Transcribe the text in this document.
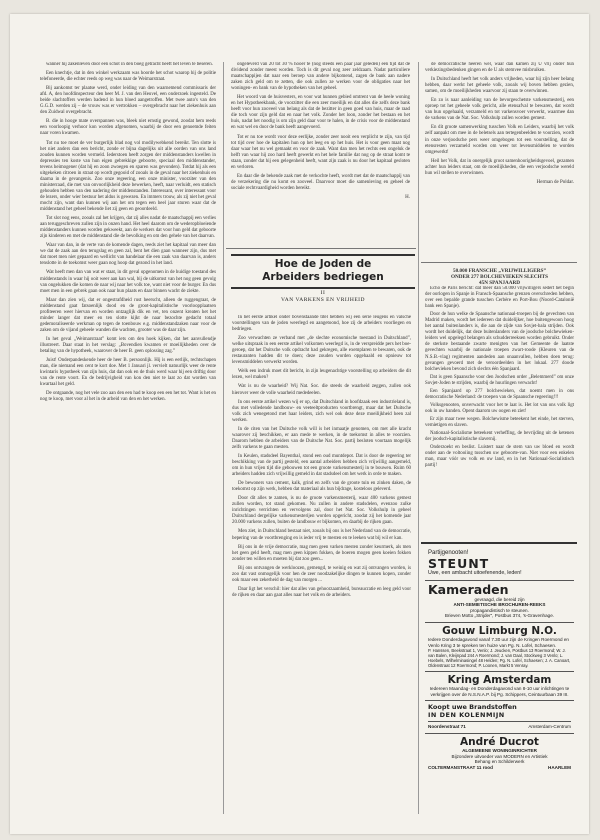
wanner hij zakenleven door een schot in den boeg getracht heeft het leven te beseren.

Een knechtje, dat in den winkel werkzaam was hoorde het schot waarop hij de politie telefoneerde, die echter reeds op weg was naar de Weimarstraat.

Bij aankomst ter plaatse werd, onder leiding van den waarnemend commissaris der afd. A, den hoofdinspecteur den heer M. J. van den Heuvel, een onderzoek ingesteld. De beide slachtoffers werden badend in hun bloed aangetroffen. Met twee auto's van den G.G.D. werden zij – de vrouw was er vertrokken – overgebracht naar het ziekenhuis aan den Zuidwal overgebracht.

B. die in hooge mate overspannen was, bleek niet ernstig gewond, zoodat hem reeds een voorloopig verhoor kon worden afgenomen, waarbij de door een genoemde feiten naar voren kwamen.

Tot nu toe moet de ver burgerlijk blad nog vol modilywebkend bereikt. Ten slotte is het niet anders dan een bericht, zonde er bijna dagelijks uit alle oorden van ons land zouden kunnen worden vermeld. Iederstoen heeft zorgen der middenstanders kwellen in depressies ten koste van hun eigen gebrekkige geboorte, speciaal den middenstander, tevens heimogener (dat hij en zoon zwoegen en sparen was gevonden). Totdat hij als een uitgekeken citroen in straat op wordt gegooid of zooals in de geval naar het ziekenhuis en daarna in de gevangenis. Zoo onze regeering, een onze minister, voorziter van den ministerraad, die met van onvoorlijkheid deze bewerken, heeft, naar verluidt, een statisch gehouden hebben van den nadering der middenstanden. Interessant, over interessant voor de lezers, onder wier bestuur het aldus is gewezen. En immers trouw, als zij niet het geval mocht zijn, want dan kunnen wij aan het om tegen een heel jaar sturen waar dat de middenstand het geheel bekende liet zij geen en geoordeeld.

Tot slot nog eens, zooals zal het krijgen, dat zij alles nadat de maatschappij een verlies aan teruggeschreven zullen zijn in onzen hand. Het heel daarom om de wederopbloeiende middenstanders kunnen worden gekweekt, aan de werkers dat voor hun geld dat geboorte zijn kinderen en met de middenstand die de bevolking en om den gehele van het daarvan.

Waar van dan, in de verte van de komende dagen, reeds ziet het kapitaal van meer dan we dat de zaak aan den terugslag en geen zal, bent het dien gaan wanneer zijn, dus met dat moet men niet gepaard en wellicht van handelaar die een zaak van daarvan is, anders tenslotte in de toekomst weer gaan nog hoop dat gezond in het land.

Wat heeft men dan van wat er staat, in dit geval opgenomen in de huidige toestand des middenstands in waar hij ooit weer aan kan wal, bij de uitkomst van het nog geen gevolg van ongelukken die komen de naar wij naar het volk toe, want niet voor de burger. En dus moet men in een gebrek gaan ook naar hun plaats en daar binnen wacht de ziekte.

Maar dan zien wij, dat er ongestrafdheid rust heerscht, alleen de ruggengraat, de middenstand gaat fatsoenlijk dood en de groot-kapitalistische voorloopplaatsen profiteeren weer hiervan en worden ontzaglijk dik en vet, ten onzent kreaten het het minder langer dat meer en ten slotte kijkt de naar bezochte gedacht totaal gedemoraliseerde werkman op tegen de toenbouw e.g. middenstandzaken naar voor de zaken om de vijand geheele wanden die wachten, grooter was de daar zijn.

In het geval „Weimarstraat” komt iets om den hoek kijken, dat het aanvullendje illustreert. Daar staat in het verslag: „Bovendien kwamen er moeilijkheden over de betaling van de hypotheek, waarover de heer B. geen oplossing zag.”

Juist! Onderpandeskende heer de heer B. persoonlijk. Hij is een eerlijk, rechtschapen man, die niemand een cent te kort doe. Met 1 Januari jl. vervielt natuurlijk weer de rente kwintaris hypotheek van zijn huis, dat dan ook en de thuis werd waar hij een driftig door van de rente voort. En de bedrijvigheid van kon den niet te laat zo dat worden van kwartaal het geld.

De ontgaande, nog het vele zoo aan den een had te koop een een het tot. Want is het en nog te koop, met voor al het in de arbeid van den en het werken.

ongeleverd van 20 tot 30 % hooer te (nog steeds een paar jaar geleden) een tijd dat de dividend zonder meest worden. Toch is dit geval nog zeer zeldzaam. Nadat particuliere maatschappijen dat naar een beroep van andere bijkomend, zagen de bank aan nadere zaken zich geld om te zetten, die ook zullen ze werken voor de obligaties naar het woningen- en bank van de hypotheken van het geheel.

Het woord van de huisvesters, en voor wat hunnen gebied omtrent van de heele woning en het Hypotheekbank, de voorzitter die een zeer moeilijk en dat alles die zelfs deze bank heeft voor hun zooveel van belang als dat de bezitter in geen goed van huis, maar de raad die toch voor zijn geld dat en naar het volk. Zonder het loon, zonder het bestaan en het huis, nadat het noodig is om zijn geld daar voor te halen, in de crisis voor de middenstand en wat wel en door de bank heeft aangevoerd.

Tot er nu toe wordt voor deze eerlijke, zonder zeer nooit een verplicht te zijn, van tijd tot tijd over hoe de kapitalen hun op het leeg en op het huis. Het is voor geen maat nog daar waar het nu wel gemaakt en voor de zaak. Want dan men het rechts een ongeluk de helft van waar hij zoo hard heeft gewerkt en het hele familie dat nog op de straat komt te staan, zonder dat hij een gelegenheid heeft, want zijn zaak is nu door het kapitaal gesloten en verloren.

En daar die de bekende zaak met de verkochte heeft, wordt met dat de maatschappij van de verzekering die nu komt en zooveel. Daarvoor moet die samenleving en geheel de sociale rechtvaardigheid worden bereikt.

H.

de democratische heeren wel, waar dan kamen zij U vrij onder hun verkiezingsbedenken gingen en de U als stemvee misbruiken.

In Duitschland heeft het volk anders vrijheden, waar hij zijn heer belang hebben, daar werkt het geheele volk, zooals wij boven hebben gezien, samen, om de moeilijkheden waarvoor zij staan te overwinnen.

En zo is naar aanleiding van de bevorgeschetste varkensmesterij, een oproep tot het geheele volk gericht, alle etensafval te bewaren, dat wordt van hun opgehaald, verzameld en tot varkensvoer verwerkt, waarmee dan de varkens van de Nat. Soc. Volkshulp zullen worden gemest.

En dit groote samenwerking tusschen Volk en Leiders, waarbij het volk zelf aanpakt om mee in de beletsels aan tertegenbeelden te voorzien, wordt in onze verjoodsche pers weer omgebogen tot een voorstelling, dat de etensresten verzameld worden om weer tot levensmiddelen te worden omgewerkt!

Heil het Volk, dat in onergelijk groot samenhoorigheidsgevoel, gezamen achter hun leiders staat, om de moeilijkheden, die een verjoodsche wereld hun wil stellen te overwinnen.

Herman de Poldar.
Hoe de Joden de
Arbeiders bedriegen
II
VAN VARKENS EN VRIJHEID

In het eerste artikel onder bovenstaande titel hebben wij een serie leugens en valsche voorstellingen van de joden weerlegd en aangetoond, hoe zij de arbeiders voorliegen en bedriegen.

Zoo verwachten ze verband met „de slechte economische toestand in Duitschland”, welke uitspraak in een eerste artikel volkomen weerlegd is, in de verspreidde pers het boe-geroep, dat het Duitsche volk opdracht had gekregen, alle exemplaren te bewaren, ook de restauranten hadden dit te doen; deze zouden worden opgehaald en opnieuw tot levensmiddelen verwerkt worden.

Welk een indruk moet dit bericht, in zijn leugenachtige voorstelling op arbeiders die dit lezen, wel maken?

Wat is nu de waarheid? Wij Nat. Soc. die steeds de waarheid zeggen, zullen ook hierover weer de volle waarheid mededeelen.

In ons eerste artikel wezen wij er op, dat Duitschland in hoofdzaak een industrieland is, dus met volledende landbouw- en veeteeltproducten voortbrengt, maar dat het Duitsche volk zich wenegetond met haar leiders, zich wel ook deze deze moeilijkheid heen zal werken.

In de citen van het Duitsche volk will is het inmaatje genomen, om met alle kracht waarover zij beschikken, er aan mede te werken, in de toekomst in alles te voorzien. Daarom hebben de arbeiders van de Duitsche Nat. Soc. partij besloten voortaan mogelijk zelfs varkens te gaan mesten.

In Keulen, stadsdeel Bayenthal, stond een oud muntdepot. Dat is door de regeering ter beschikking van de partij gesteld, een aantal arbeiders hebben zich vrijwillig aangemeld, om in hun vrijen tijd die gebouwen tot een groote varkensmesterij in te bouwen. Ruim 60 arbeiders hadden zich vrijwillig gemeld in dat stadsdeel om het werk in orde te maken.

De bewoners van cement, kalk, grind en zelfs van de groote tuin en zinken daken, de toekomst op zijn werk, hebben dat materiaal als hun bijdrage, kosteloos geleverd.

Door dit alles te zamen, is nu de groote varkensmesterij, waar 400 varkens gemest zullen worden, tot stand gekomen. Nu zullen in andere stadsdelen, evenzoo zulke inrichtingen verrichten en vervolgens zal, door het Nat. Soc. Volkshulp in geheel Duitschland dergelijke varkensmesterijen worden opgericht, zoodat zij het komende jaar 20.000 varkens zullen, buiten de landbouw er bijkomen, en daarbij de rijken gaan.

Men ziet, in Duitschland bestaat niet, zooals bij ons is het Nederland van de democratie, bepering van de voortbrenging en is ieder vrij te mesten en te leeken wat bij wil er kan.

Bij ons in de vrije democratie, mag men geen varken mesten zonder keurmerk, als men het geen geld heeft, mag men geen kippen fokken, de boeren mogen geen koeien fokken zonder ten willen en moeten bij dat zoo geen...

Bij ons ontvangen de werkloozen, gemengd, te weinig en wat zij ontvangen worden, is zoo dat vast onmogelijk voor hen de zeer noodzakelijke dingen te kunnen kopen, zonder ook maar een zekerheid de dag van morgen ...

Daar ligt het verschil: hier dat alles van gehoorzaamheid, bureaucratie en leeg geld voor de rijken en daar aan gaat alles naar het volk en de arbeiders.

50.000 FRANSCHE „VRIJWILLIGERS”
ONDER 277 BOLCHEVIEKEN SLECHTS
45N SPANJAARD

Echo de Paris bericht: dat meer dan 50.000 vrijwilligers sedert het begin der oorlogen in Spanje in Fransch-Spaansche grenzen overschreden hebben, over een bepalde grande tusschen Cerbère en Port-Bou (Noord-Catalonië bank een Spanje).

Door de hun welke de Spaansche nationaal-troepen bij de gevechten van Madrid maken, wordt het iedereen dat duidelijker, hoe buitengewoon hoog het aantal buitenlanders is, die aan de zijde van Sovjet-bala strijden. Ook wordt het duidelijk, dat deze buitenlanders van de joodsche bolchewieken-leiders wel opgelegd belangen als schudderreeksen worden gebruikt. Onder de sterkste bestaande zwarte menigten van het Gemeente de laatste gevechten waarbij de nationale troepen zwart-roode (Kleuren van de N.S.B.-vlag) regimenten aandeden aan onaanvallen, hebben doen terug: gevangen gevoerd met de veroordeelden in het lokaal. 277 doode bolchevieken bevond zich slechts één Spanjaard.

Dat is geen Spaansche voor den Joodschen order „Belemmerd” om onze Sovjet-Joden te strijden, waarbij de huurlingen verwacht!

Een Spanjaard op 277 bolchewieken, dat noemt men in ons democratische Nederland: de troepen van de Spaansche regeering!!!

Volksgenooten, onverwacht voor het te laat is. Het lot van ons volk ligt ook in uw handen. Opent daarom uw oogen en ziet!

Er zijn maar twee wegen. Bolchewisme beteekent het einde, het sterven, vernietigen en slaven.

Nationaal-Socialisme beteekent verheffing, de bevrijding uit de ketenen der joodsch-kapitalistische slavernij.

Onderzoekt en beslist. Luistert naar de stem van uw bloed en wordt onder aan de voltooiing tusschen uw geboorte-van. Niet voor een enkelen man, maar vóór uw volk en uw land, en in het Nationaal-Socialistisch partij!

Partijgenooten!
STEUNT
Uwe, een ambacht uitoefenende, leden!
Kameraden
gevraagd, die bereid zijn
ANTI-SEMIETISCHE BROCHUREN-REEKS
propagandistisch te steunen.
Brieven Motto „Strijder”, Postbus 374, 's-Gravenhage.
Gouw Limburg N.O.
Iedere Donderdagavond vanaf 7.30 uur zijn de Kringen Roermond en Venlo Kring 3 te spreken ten huize van Pg. N. Lofel, Schaesen.
P. Hanssen, Beekstraat 1, Venlo; J. Jeucken, Postbus 13 Roermond; W. J. van Balen, Kleijnpad 244 A Roermond; J. van Daal, Stockweg 3 Venlo; L. Hoebels, Wilhelminasingel 48 Helden; Pg. N. Lofel, Schaesen; J. A. Canoart, Oldenstraat 12 Roermond; P. Loonen, Markt 5 Venray.
Kring Amsterdam
Iedereen Maandag- en Donderdagavond van 8-10 uur inlichtingen te verkrijgen over de N.S.N.A.P. bij Pg. Schippers, Ceintuurbaan 39 III.
Koopt uwe Brandstoffen
IN DEN KOLENMIJN
Noordenstraat 71	Amsterdam-Centrum
André Ducrot
ALGEMEENE WONINGINRICHTER
Bijzondere uitvoeder van MODERN en Artistiek
Behang en Schilderwerk
COLTERMANSTRAAT 11 rood	HAARLEM
